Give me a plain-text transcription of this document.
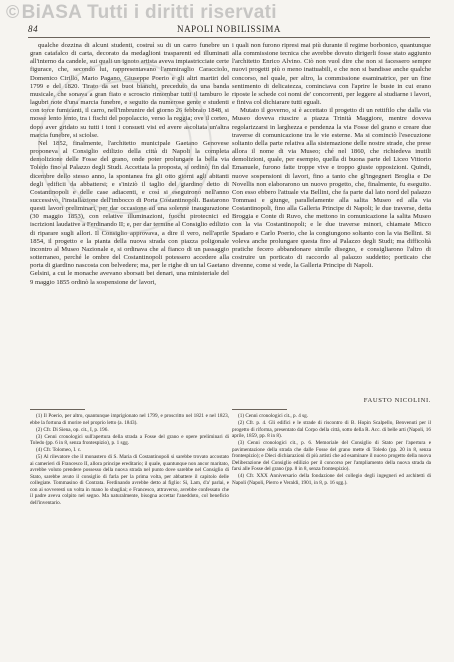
© BiASA Tutti i diritti riservati
84	NAPOLI NOBILISSIMA

qualche dozzina di alcuni studenti, costruì su di un carro funebre un gran catafalco di carta, decorato da medaglioni trasparenti ed illuminati all'interno da candele, sui quali un ignoto artista aveva impiastricciate certe figurace, che, secondo lui, rappresentavano l'ammiraglio Caracciolo, Domenico Cirillo, Mario Pagano, Giuseppe Poerio e gli altri martiri del 1799 e del 1820. Tirato da sei buoi bianchi, preceduto da una banda musicale, che sonava a gran fiato e scroscio rimombar tutti il tamburo le lagubri note d'una marcia funebre, e seguito da numerose gente e studenti con torce fumicanti, il carro, nell'imbrunire del giorno 26 febbraio 1848, si mosse lento lento, tra i fischi del popolaccio, verso la reggia; ove il corteo, dopo aver gridato su tutti i toni i consueti visi ed avere ascoltata un'altra marcia funebre, si sciolse.

Nel 1852, finalmente, l'architetto municipale Gaetano Genovese proponeva al Consiglio edilizio della città di Napoli la completa demolizione delle Fosse del grano, onde poter prolungare la bella via Toledo fino al Palazzo degli Studi. Accettata la proposta, si ordinò, fin dal dicembre dello stesso anno, la spontanea fra gli otto giorni agli abitanti degli edificii da abbattersi; e s'iniziò il taglio del giardino detto di Costantinopoli e delle case adiacenti, e così si eseguirono nell'anno successivo, l'installazione dell'imbocco di Porta Costantinopoli. Bastarono questi lavori preliminari, per dar occasione ad una solenne inaugurazione (30 maggio 1853), con relative illuminazioni, fuochi pirotecnici ed iscrizioni laudative a Ferdinando II; e, per dar termine al Consiglio edilizio di riparare sugli allori. Il Consiglio approvava, a dire il vero, nell'aprile 1854, il progetto e la pianta della nuova strada con piazza poligonale incontro al Museo Nazionale e, si ordinava che al fianco di un passaggio sotterraneo, perché le ombre del Costantinopoli potessero accedere alla porta di giardino nascosta con belvedere; ma, per le righe di un tal Gaetano Gelsini, a cui le monache avevano sborsati bei denari, una ministeriale del 9 maggio 1855 ordinò la sospensione de' lavori,

i quali non furono ripresi mai più durante il regime borbonico, quantunque alla commissione tecnica che avrebbe dovuto dirigerli fosse stato aggiunto l'architetto Enrico Alvino. Ciò non vuol dire che non si facessero sempre nuovi progetti più o meno inattuabili, e che non si bandisse anche qualche concorso, nel quale, per altro, la commissione esaminatrice, per un fine sentimento di delicatezza, cominciava con l'aprire le buste in cui erano riposte le schede coi nomi de' concorrenti, per leggere al studiarne i lavori, e finiva col dichiarare tutti eguali.

Mutato il governo, si è accettato il progetto di un rettifilo che dalla via Museo doveva riuscire a piazza Trinità Maggiore, mentre doveva regolarizzarsi in larghezza e pendenza la via Fosse del grano e creare due traverse di comunicazione tra le vie esterne. Ma si cominciò l'esecuzione soltanto della parte relativa alla sistemazione delle nostre strade, che prese allora il nome di via Museo; ché nel 1860, che richiedeva inutili demolizioni, quale, per esempio, quella di buona parte del Liceo Vittorio Emanuele, furono fatte troppe vive e troppo giuste opposizioni. Quindi, nuove sospensioni di lavori, fino a tanto che gl'ingegneri Broglia e De Novellis non elaborarono un nuovo progetto, che, finalmente, fu eseguito. Con esso ebbero l'attuale via Bellini, che fa parte dal lato nord del palazzo Tommasi e giunge, parallelamente alla salita Museo ed alla via Costantinopoli, fino alla Galleria Principe di Napoli; le due traverse, detta Broggia e Conte di Ruvo, che mettono in comunicazione la salita Museo con la via Costantinopoli; e le due traverse minori, chiamate Micco Spadaro e Carlo Poerio, che la congiungono soltanto con la via Bellini. Si voleva anche prolungare questa fino al Palazzo degli Studi; ma difficoltà pratiche fecero abbandonare simile disegno, e consigliarono l'altro di costruire un porticato di raccordo al palazzo suddetto; porticato che divenne, come si vede, la Galleria Principe di Napoli.

FAUSTO NICOLINI.

(1) Il Poerio, per altro, quantunque imprigionato nel 1799, e proscritto nel 1821 e nel 1823, ebbe la fortuna di morire nel proprio letto (a. 1843).

(2) Cfr. Di Siena, op. cit., I, p. 196.

(3) Cenni cronologici sull'apertura della strada a Fosse del grano e opere preliminari di Toledo (pp. 6 in 8, senza frontespizio), p. 1 sgg.

(4) Cfr. Tolomeo, I. c.

(5) Al rilevatore che il monastero di S. Maria di Costantinopoli si sarebbe trovato accostato ai camerieri di Francesco II, allora principe ereditario; il quale, quantunque non ancor maritato, avrebbe voluto prendere possesso della nuova strada nel punto dove sarebbe nel Consiglio di Stato, sarebbe avuto il consiglio di farla per la prima volta, per abbattere il capitolo delle collegiate. Tommasino di Contrata. Ferdinando avrebbe detto al figlio: Si, Lam, d'a' parlai, e con ai sovveresti un volta in mano lo sbagliai; e Francesco, attraverso, avrebbe confessato che il padre aveva colpito nel segno. Ma naturalmente, bisogna accettar l'aneddoto, col beneficio dell'inventario.

(1) Cenni cronologici cit., p. 4 sg.

(2) Cfr. p. 4. Gli edifici e le strade di riscontro di B. Hopin Scalpello, Benvenuti per il progetto di riforma, presentato dal Corpo della città, sotto della R. Acc. di belle arti (Napoli, 16 aprile, 1859, pp. 8 in 8).

(3) Cenni cronologici cit., p. 6. Memoriale del Consiglio di Stato per l'apertura e pavimentazione della strada che dalle Fosse del grano mette di Toledo (pp. 20 in 8, senza frontespizio); e Dieci dichiarazioni di più artisti che ad esaminare il nuovo progetto della nuova Deliberazione del Consiglio edilizio per il concorso per l'ampliamento della nuova strada da farsi alle Fosse del grano (pp. 8 in 8, senza frontespizio).

(4) Cfr. XXX Anniversario della fondazione del collegio degli ingegneri ed architetti di Napoli (Napoli, Pierro e Veraldi, 1901, in 8, p. 16 sgg.).
